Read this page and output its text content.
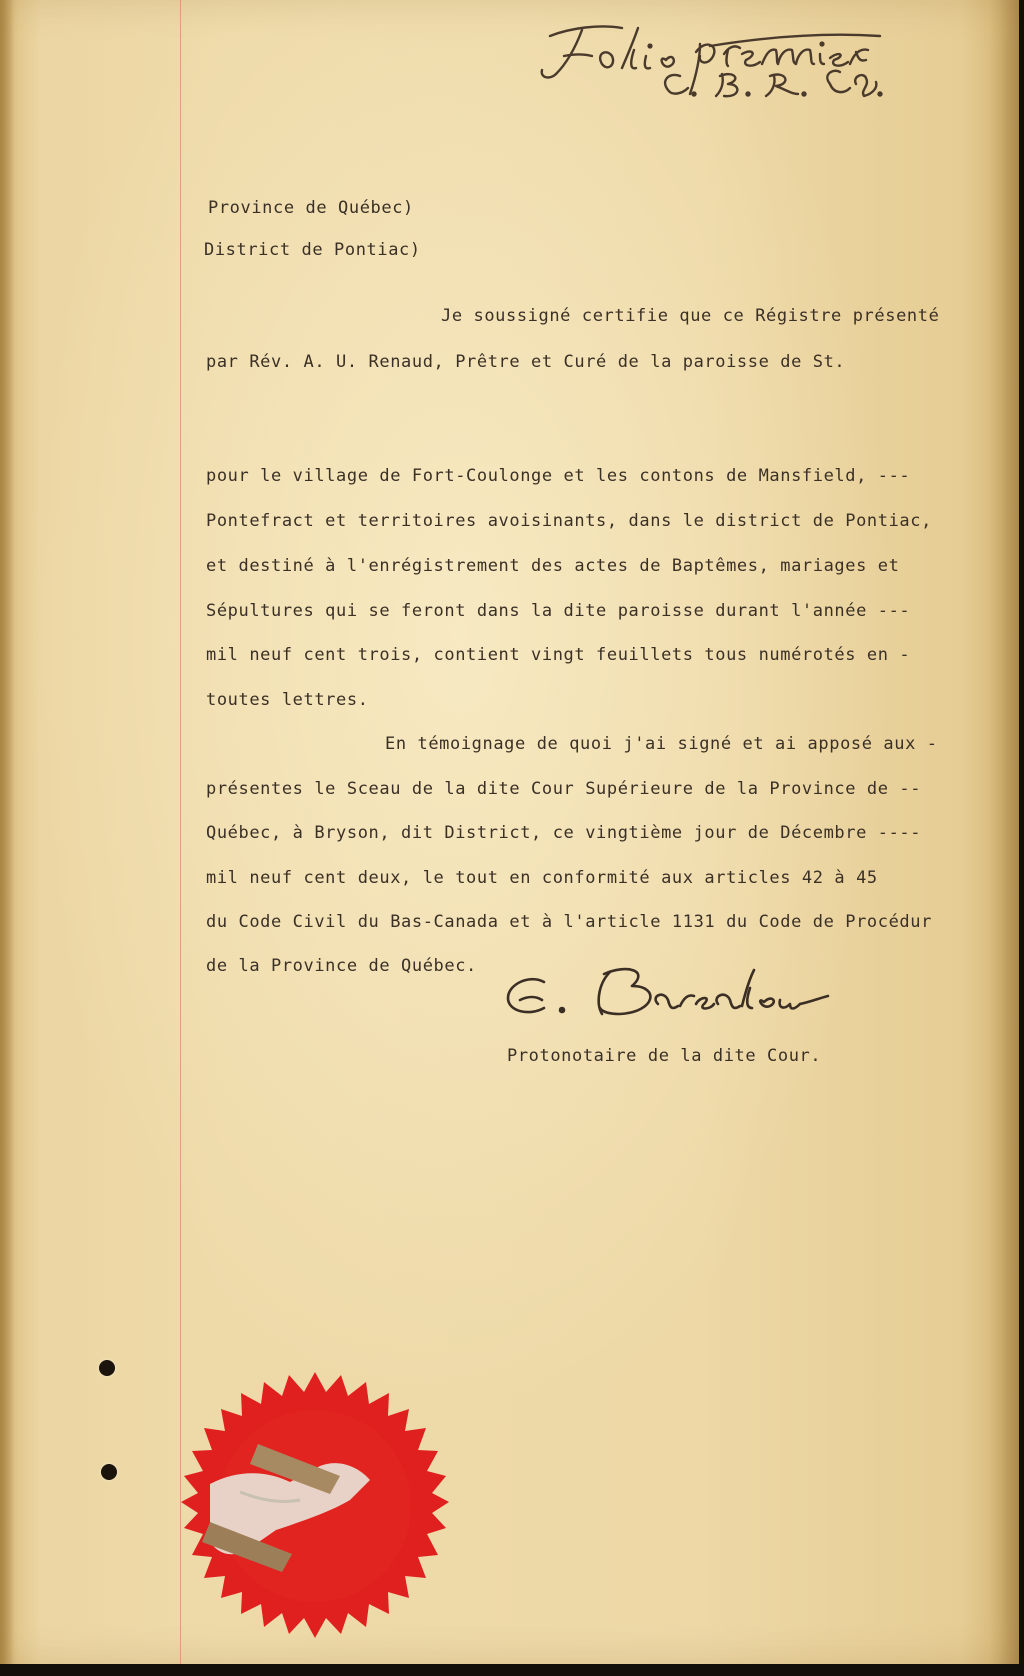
Province de Québec)

District de Pontiac)

Je soussigné certifie que ce Régistre présenté

par Rév. A. U. Renaud, Prêtre et Curé de la paroisse de St.

pour le village de Fort-Coulonge et les contons de Mansfield, ---

Pontefract et territoires avoisinants, dans le district de Pontiac,

et destiné à l'enrégistrement des actes de Baptêmes, mariages et

Sépultures qui se feront dans la dite paroisse durant l'année ---

mil neuf cent trois, contient vingt feuillets tous numérotés en -

toutes lettres.

En témoignage de quoi j'ai signé et ai apposé aux -

présentes le Sceau de la dite Cour Supérieure de la Province de --

Québec, à Bryson, dit District, ce vingtième jour de Décembre ----

mil neuf cent deux, le tout en conformité aux articles 42 à 45

du Code Civil du Bas-Canada et à l'article 1131 du Code de Procédur

de la Province de Québec.

Protonotaire de la dite Cour.
